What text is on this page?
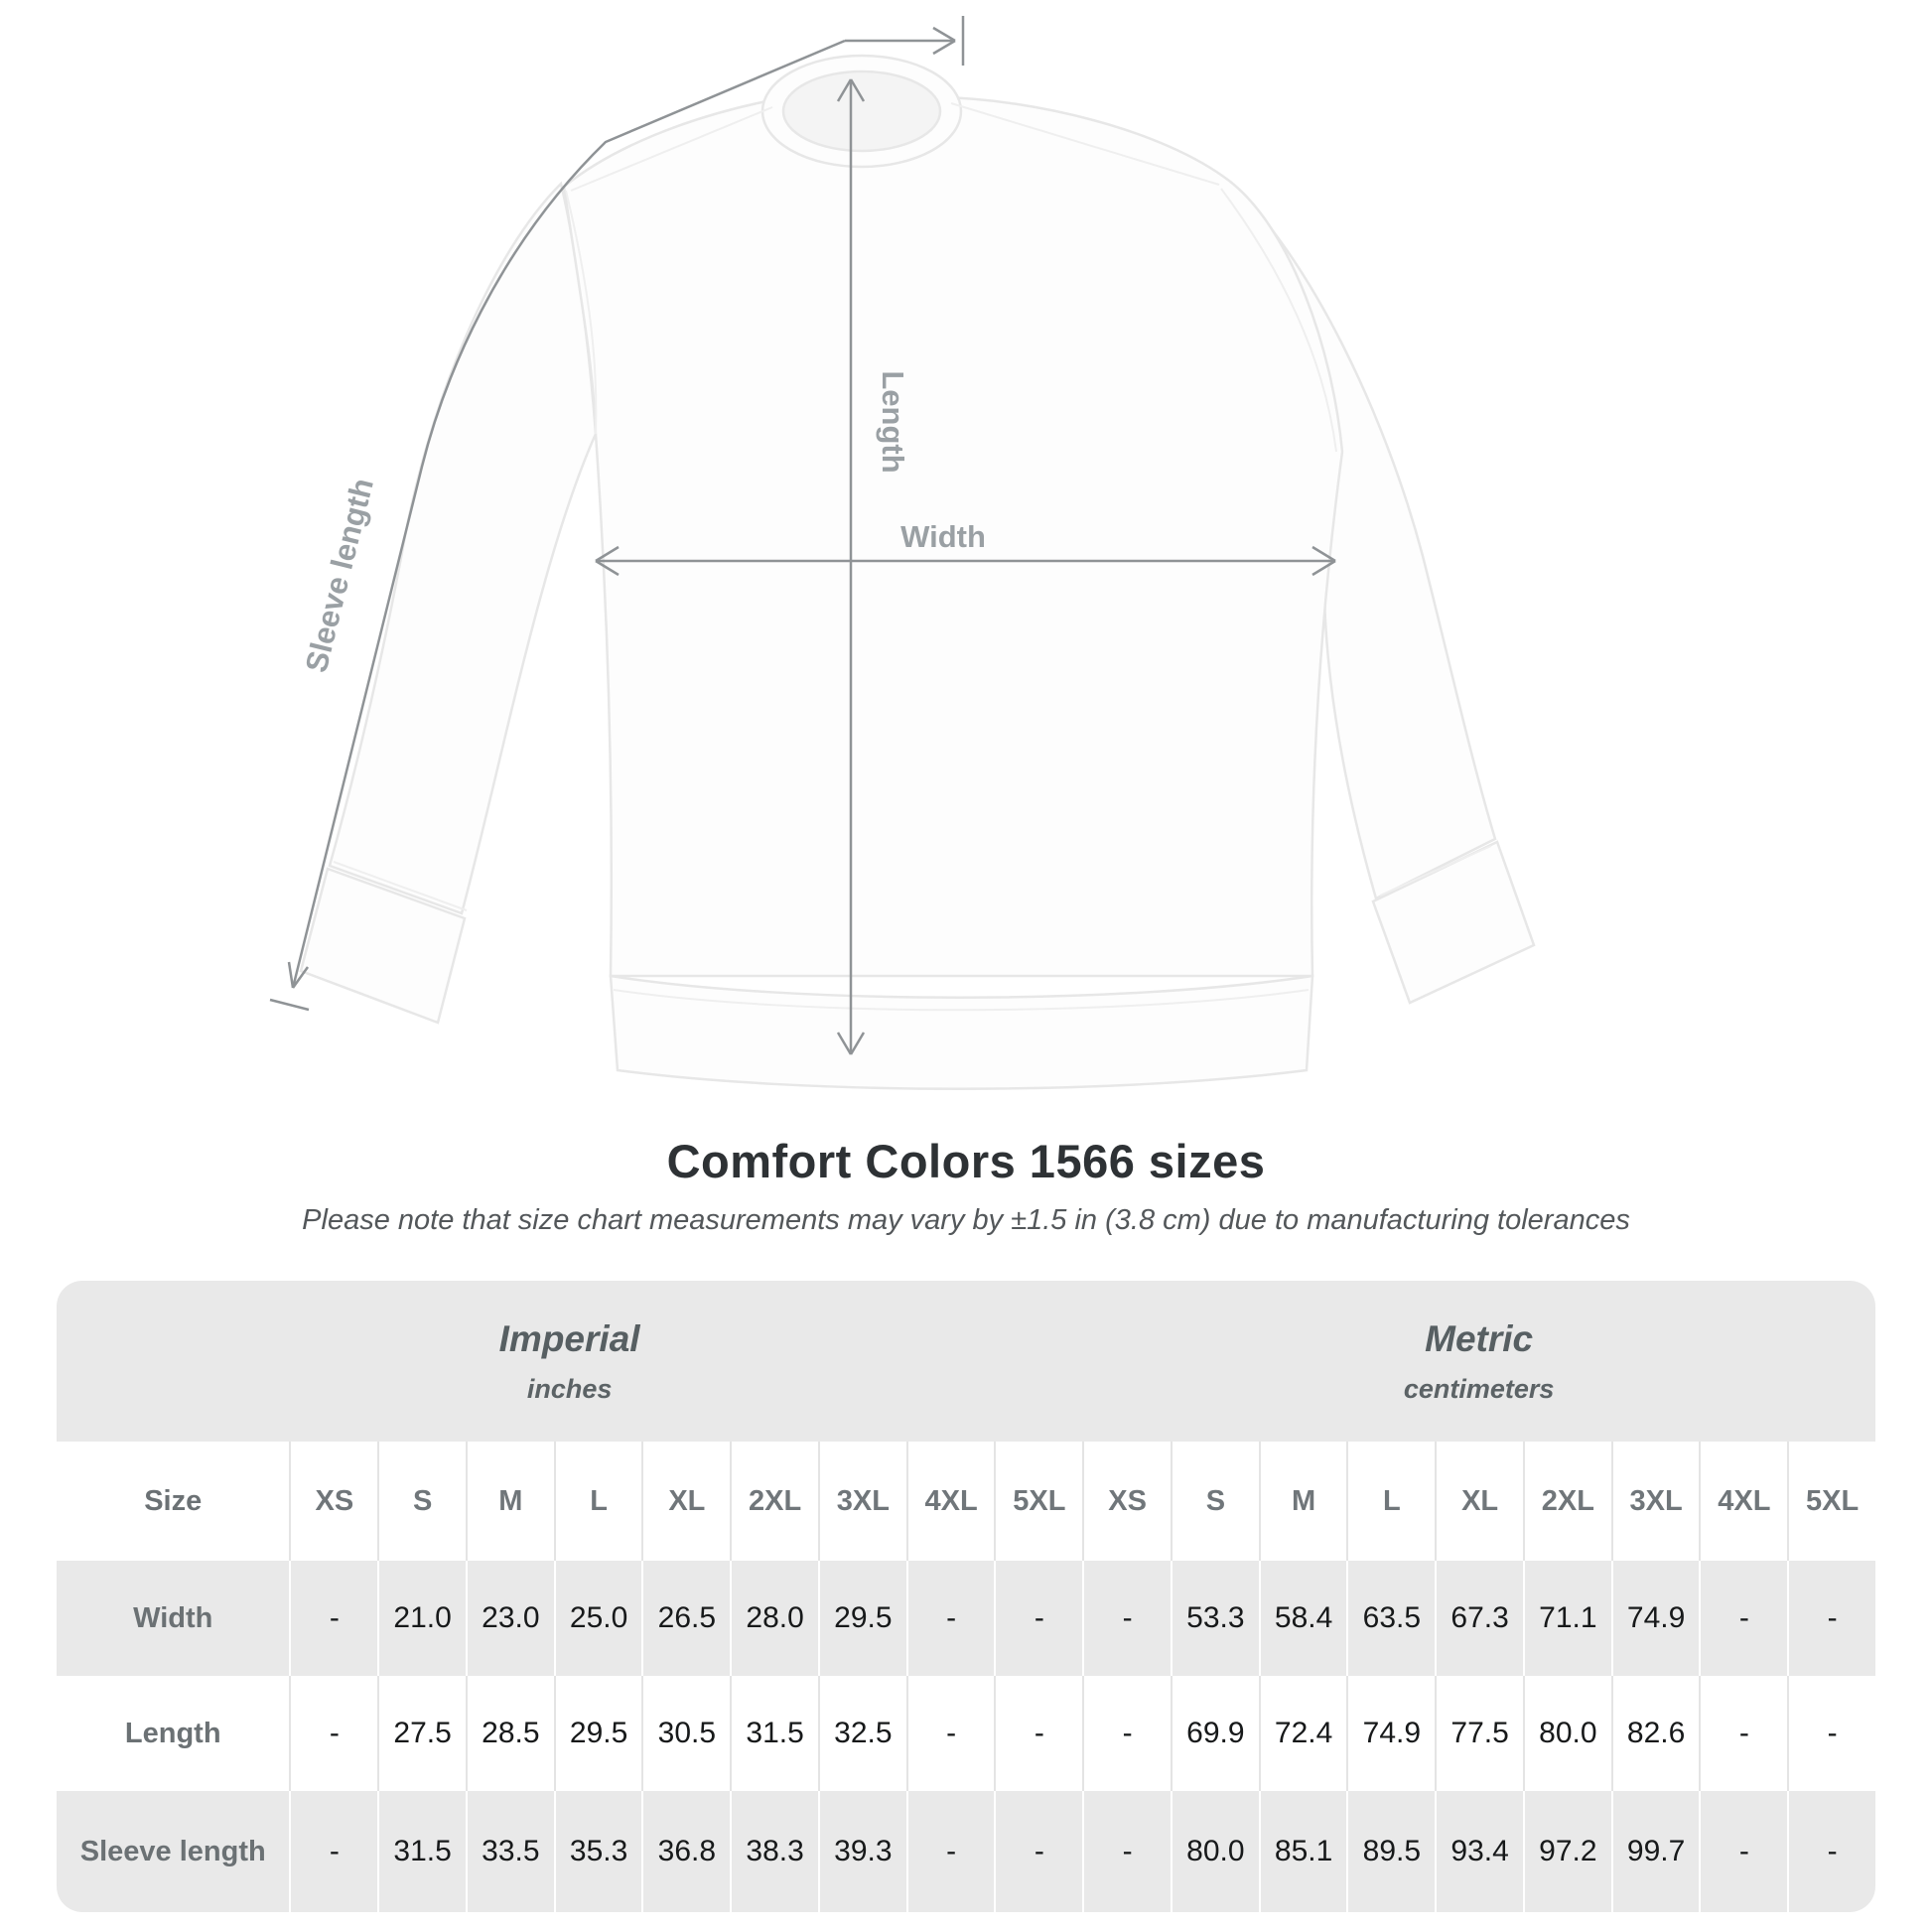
Length
Width
Sleeve length
Comfort Colors 1566 sizes

Please note that size chart measurements may vary by ±1.5 in (3.8 cm) due to manufacturing tolerances

Imperial
inches

Metric
centimeters

Size	XS	S	M	L	XL	2XL	3XL	4XL	5XL	XS	S	M	L	XL	2XL	3XL	4XL	5XL
Width	-	21.0	23.0	25.0	26.5	28.0	29.5	-	-	-	53.3	58.4	63.5	67.3	71.1	74.9	-	-
Length	-	27.5	28.5	29.5	30.5	31.5	32.5	-	-	-	69.9	72.4	74.9	77.5	80.0	82.6	-	-
Sleeve length	-	31.5	33.5	35.3	36.8	38.3	39.3	-	-	-	80.0	85.1	89.5	93.4	97.2	99.7	-	-
